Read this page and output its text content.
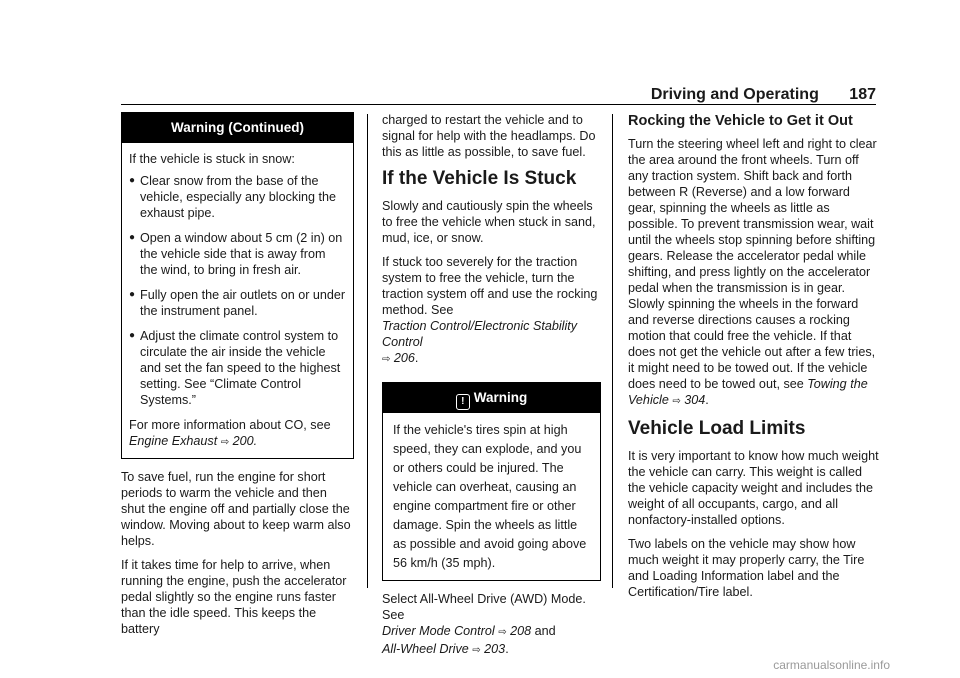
Driving and Operating 187
Warning (Continued)
If the vehicle is stuck in snow:
● Clear snow from the base of the vehicle, especially any blocking the exhaust pipe.
● Open a window about 5 cm (2 in) on the vehicle side that is away from the wind, to bring in fresh air.
● Fully open the air outlets on or under the instrument panel.
● Adjust the climate control system to circulate the air inside the vehicle and set the fan speed to the highest setting. See “Climate Control Systems.”
For more information about CO, see
Engine Exhaust ⇨ 200.

To save fuel, run the engine for short periods to warm the vehicle and then shut the engine off and partially close the window. Moving about to keep warm also helps.

If it takes time for help to arrive, when running the engine, push the accelerator pedal slightly so the engine runs faster than the idle speed. This keeps the battery

charged to restart the vehicle and to signal for help with the headlamps. Do this as little as possible, to save fuel.

If the Vehicle Is Stuck

Slowly and cautiously spin the wheels to free the vehicle when stuck in sand, mud, ice, or snow.

If stuck too severely for the traction system to free the vehicle, turn the traction system off and use the rocking method. See
Traction Control/Electronic Stability Control
⇨ 206.

! Warning
If the vehicle's tires spin at high speed, they can explode, and you or others could be injured. The vehicle can overheat, causing an engine compartment fire or other damage. Spin the wheels as little as possible and avoid going above 56 km/h (35 mph).

Select All-Wheel Drive (AWD) Mode. See
Driver Mode Control ⇨ 208 and
All-Wheel Drive ⇨ 203.

Rocking the Vehicle to Get it Out

Turn the steering wheel left and right to clear the area around the front wheels. Turn off any traction system. Shift back and forth between R (Reverse) and a low forward gear, spinning the wheels as little as possible. To prevent transmission wear, wait until the wheels stop spinning before shifting gears. Release the accelerator pedal while shifting, and press lightly on the accelerator pedal when the transmission is in gear. Slowly spinning the wheels in the forward and reverse directions causes a rocking motion that could free the vehicle. If that does not get the vehicle out after a few tries, it might need to be towed out. If the vehicle does need to be towed out, see Towing the Vehicle ⇨ 304.

Vehicle Load Limits

It is very important to know how much weight the vehicle can carry. This weight is called the vehicle capacity weight and includes the weight of all occupants, cargo, and all nonfactory-installed options.

Two labels on the vehicle may show how much weight it may properly carry, the Tire and Loading Information label and the Certification/Tire label.

carmanualsonline.info
